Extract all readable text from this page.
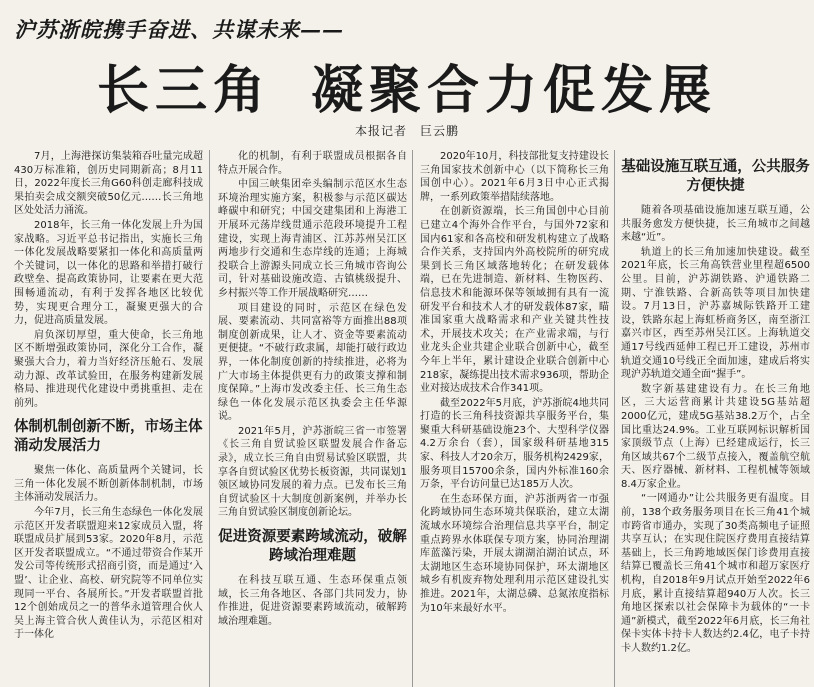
沪苏浙皖携手奋进、共谋未来——
长三角 凝聚合力促发展
本报记者　巨云鹏

7月，上海港探访集装箱吞吐量完成超430万标准箱，创历史同期新高；8月11日，2022年度长三角G60科创走廊科技成果拍卖会成交额突破50亿元……长三角地区处处活力涌流。

2018年，长三角一体化发展上升为国家战略。习近平总书记指出，实施长三角一体化发展战略要紧扣一体化和高质量两个关键词，以一体化的思路和举措打破行政壁垒、提高政策协同，让要素在更大范围畅通流动，有利于发挥各地区比较优势，实现更合理分工，凝聚更强大的合力，促进高质量发展。

肩负深切厚望，重大使命，长三角地区不断增强政策协同，深化分工合作，凝聚强大合力，着力当好经济压舱石、发展动力源、改革试验田，在服务构建新发展格局、推进现代化建设中勇挑重担、走在前列。

体制机制创新不断，市场主体涌动发展活力

聚焦一体化、高质量两个关键词，长三角一体化发展不断创新体制机制，市场主体涌动发展活力。

今年7月，长三角生态绿色一体化发展示范区开发者联盟迎来12家成员入盟，将联盟成员扩展到53家。2020年8月，示范区开发者联盟成立。“不通过带资合作某开发公司等传统形式招商引资，而是通过‘入盟’、让企业、高校、研究院等不同单位实现同一平台、各展所长。”开发者联盟首批12个创始成员之一的普华永道管理合伙人吴上海主管合伙人黄佳认为，示范区相对于一体化

化的机制，有利于联盟成员根据各自特点开展合作。

中国三峡集团牵头编制示范区水生态环境治理实施方案，积极参与示范区碳达峰碳中和研究；中国交建集团和上海港工开展环元荡岸线贯通示范段环境提升工程建设，实现上海青浦区、江苏苏州吴江区两地步行交通和生态岸线的连通；上海城投联合上游源头同成立长三角城市咨询公司，针对基础设施改造、古镇桃级提升、乡村振兴等工作开展战略研究……

项目建设的同时，示范区在绿色发展、要素流动、共同富裕等方面推出88项制度创新成果，让人才、资金等要素流动更便捷。“不破行政隶属，却能打破行政边界，一体化制度创新的持续推进，必将为广大市场主体提供更有力的政策支撑和制度保障。”上海市发改委主任、长三角生态绿色一体化发展示范区执委会主任华源说。

2021年5月，沪苏浙皖三省一市签署《长三角自贸试验区联盟发展合作备忘录》，成立长三角自由贸易试验区联盟，共享各自贸试验区优势长板资源，共同谋划1领区域协同发展的着力点。已发布长三角自贸试验区十大制度创新案例，并举办长三角自贸试验区制度创新论坛。

促进资源要素跨域流动，破解跨域治理难题

在科技互联互通、生态环保重点领域，长三角各地区、各部门共同发力，协作推进，促进资源要素跨域流动，破解跨域治理难题。

2020年10月，科技部批复支持建设长三角国家技术创新中心（以下简称长三角国创中心）。2021年6月3日中心正式揭牌，一系列政策举措陆续落地。

在创新资源端，长三角国创中心目前已建立4个海外合作平台，与国外72家和国内61家和各高校和研发机构建立了战略合作关系，支持国内外高校院所的研究成果到长三角区域落地转化；在研发载体端，已在先进制造、新材料、生物医药、信息技术和能源环保等领域拥有具有一流研发平台和技术人才的研发载体87家，瞄准国家重大战略需求和产业关键共性技术，开展技术攻关；在产业需求端，与行业龙头企业共建企业联合创新中心，截至今年上半年，累计建设企业联合创新中心218家，凝练提出技术需求936项，帮助企业对接达成技术合作341项。

截至2022年5月底，沪苏浙皖4地共同打造的长三角科技资源共享服务平台，集聚重大科研基础设施23个、大型科学仪器4.2万余台（套），国家级科研基地315家、科技人才20余万，服务机构2429家，服务项目15700余条，国内外标准160余万条，平台访问量已达185万人次。

在生态环保方面，沪苏浙两省一市强化跨域协同生态环境共保联治，建立太湖流域水环境综合治理信息共享平台，制定重点跨界水体联保专项方案，协同治理湖库蓝藻污染，开展太湖湖泊湖泊试点，环太湖地区生态环境协同保护，环太湖地区城乡有机废弃物处理利用示范区建设扎实推进。2021年，太湖总磷、总氮浓度指标为10年来最好水平。

基础设施互联互通，公共服务方便快捷

随着各项基础设施加速互联互通，公共服务愈发方便快捷，长三角城市之间越来越“近”。

轨道上的长三角加速加快建设。截至2021年底，长三角高铁营业里程超6500公里。目前，沪苏湖铁路、沪通铁路二期、宁淮铁路、合新高铁等项目加快建设。7月13日，沪苏嘉城际铁路开工建设，铁路东起上海虹桥商务区，南至浙江嘉兴市区，西至苏州吴江区。上海轨道交通17号线西延伸工程已开工建设，苏州市轨道交通10号线正全面加速，建成后将实现沪苏轨道交通全面“握手”。

数字新基建建设有力。在长三角地区，三大运营商累计共建设5G基站超2000亿元，建成5G基站38.2万个，占全国比重达24.9%。工业互联网标识解析国家顶级节点（上海）已经建成运行，长三角区域共67个二级节点接入，覆盖航空航天、医疗器械、新材料、工程机械等领域8.4万家企业。

“一网通办”让公共服务更有温度。目前，138个政务服务项目在长三角41个城市跨省市通办，实现了30类高频电子证照共享互认；在实现住院医疗费用直接结算基础上，长三角跨地域医保门诊费用直接结算已覆盖长三角41个城市和超万家医疗机构，自2018年9月试点开始至2022年6月底，累计直接结算超940万人次。长三角地区探索以社会保障卡为载体的“一卡通”新模式，截至2022年6月底，长三角社保卡实体卡持卡人数达约2.4亿，电子卡持卡人数约1.2亿。
